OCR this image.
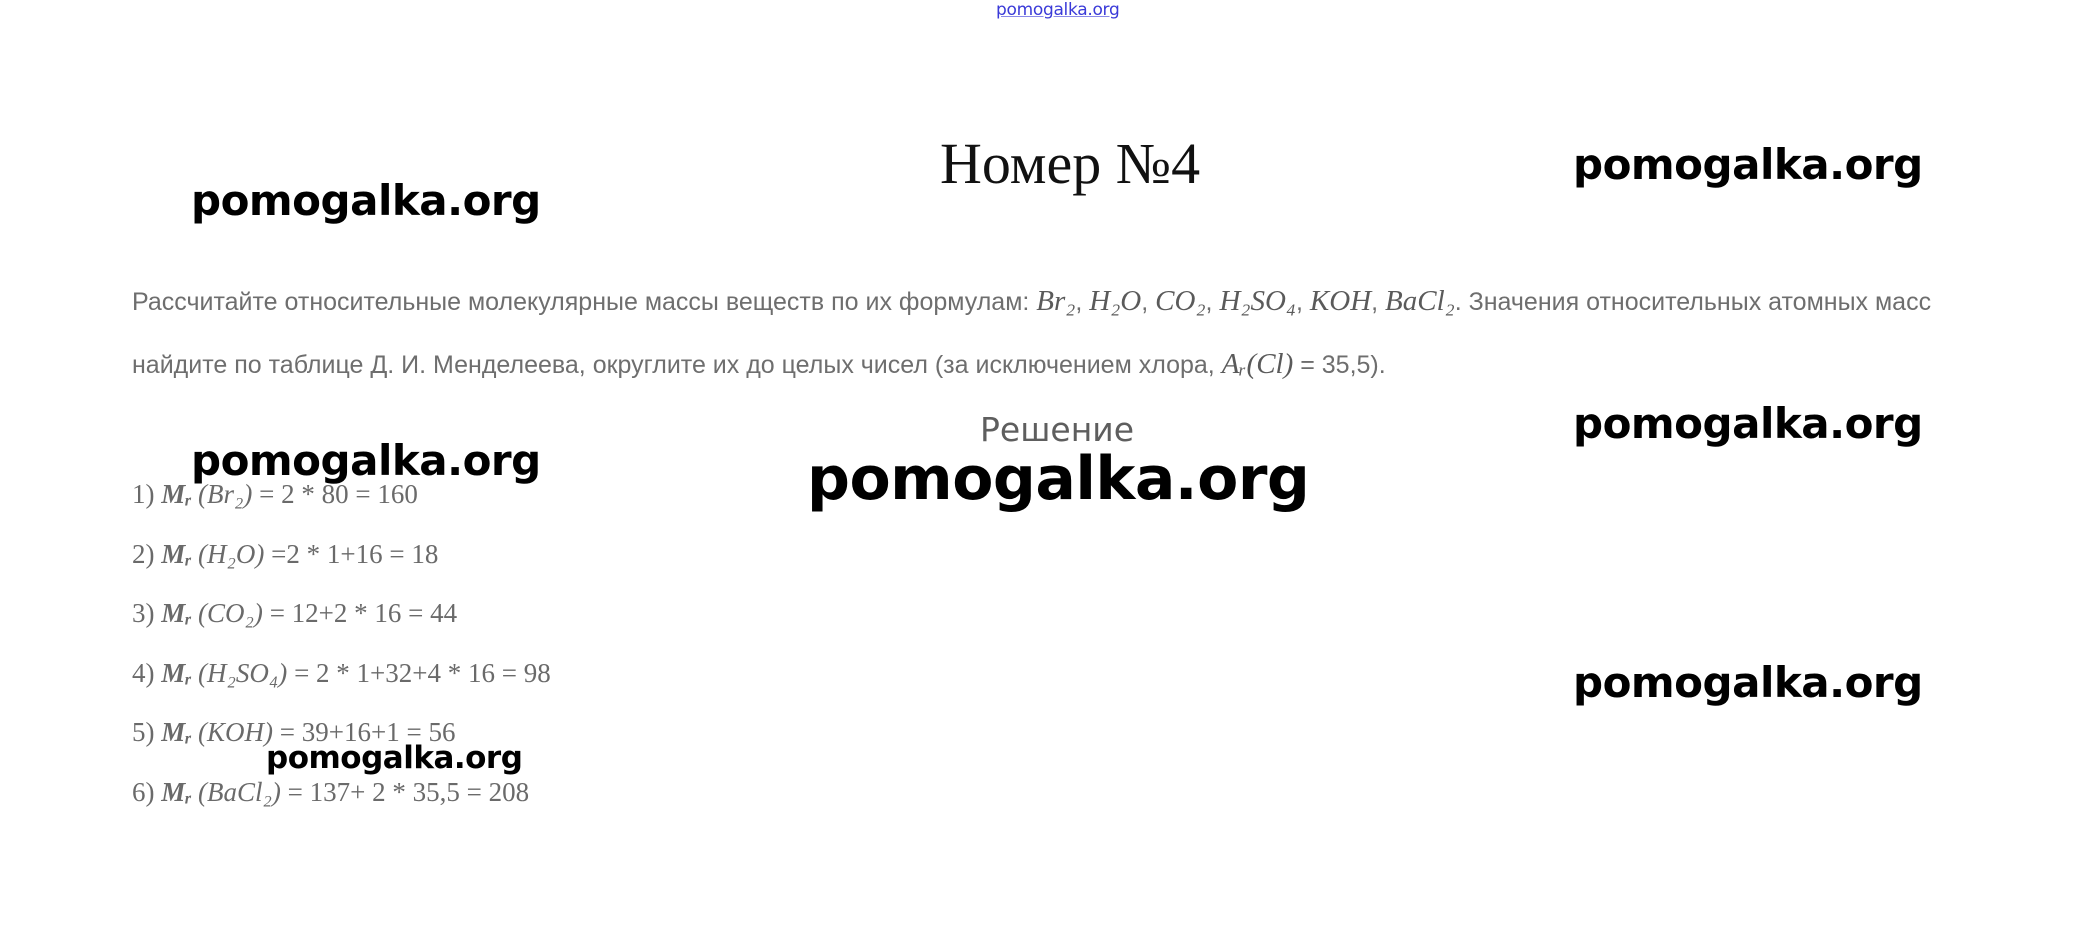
pomogalka.org
Номер №4	pomogalka.org
pomogalka.org
pomogalka.org
pomogalka.org
pomogalka.org
Рассчитайте относительные молекулярные массы веществ по их формулам: Br₂, H₂O, CO₂, H₂SO₄, KOH, BaCl₂. Значения относительных атомных масс найдите по таблице Д. И. Менделеева, округлите их до целых чисел (за исключением хлора, Aᵣ(Cl) = 35,5).
Решение
pomogalka.org
1) Mᵣ (Br₂) = 2 * 80 = 160
2) Mᵣ (H₂O) =2 * 1+16 = 18
3) Mᵣ (CO₂) = 12+2 * 16 = 44
4) Mᵣ (H₂SO₄) = 2 * 1+32+4 * 16 = 98
5) Mᵣ (KOH) = 39+16+1 = 56
6) Mᵣ (BaCl₂) = 137+ 2 * 35,5 = 208
pomogalka.org
